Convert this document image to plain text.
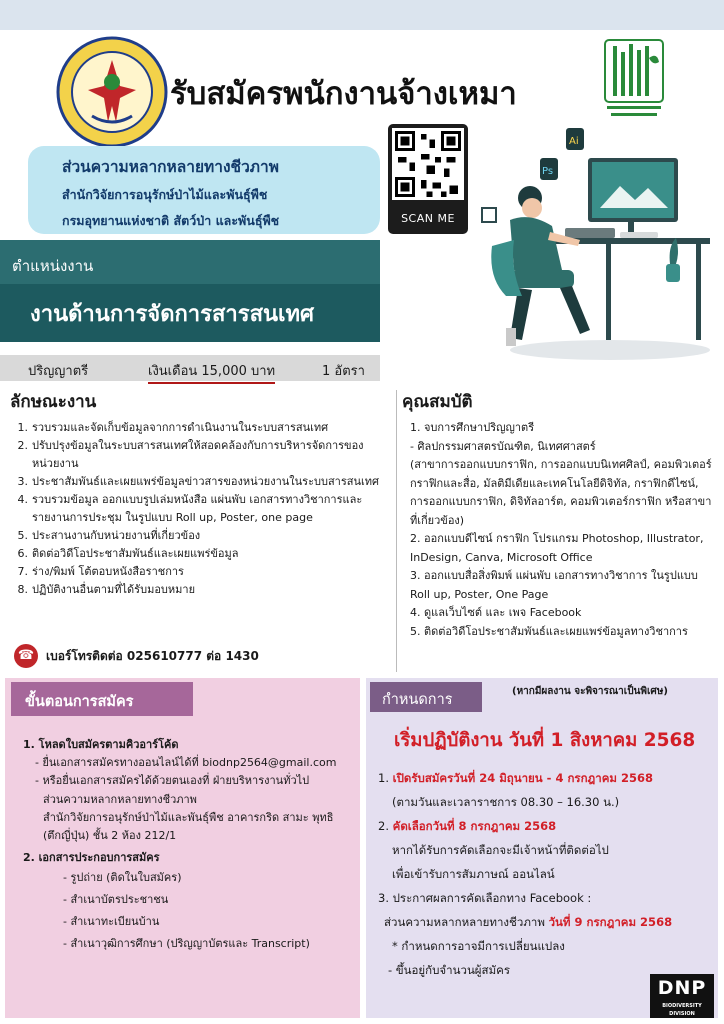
รับสมัครพนักงานจ้างเหมา
ส่วนความหลากหลายทางชีวภาพ
สำนักวิจัยการอนุรักษ์ป่าไม้และพันธุ์พืช
กรมอุทยานแห่งชาติ สัตว์ป่า และพันธุ์พืช	SCAN ME
Ai
Ps
ตำแหน่งงาน
งานด้านการจัดการสารสนเทศ
ปริญญาตรี	เงินเดือน 15,000 บาท	1 อัตรา
ลักษณะงาน
1. รวบรวมและจัดเก็บข้อมูลจากการดำเนินงานในระบบสารสนเทศ
2. ปรับปรุงข้อมูลในระบบสารสนเทศให้สอดคล้องกับการบริหารจัดการของหน่วยงาน
3. ประชาสัมพันธ์และเผยแพร่ข้อมูลข่าวสารของหน่วยงานในระบบสารสนเทศ
4. รวบรวมข้อมูล ออกแบบรูปเล่มหนังสือ แผ่นพับ เอกสารทางวิชาการและรายงานการประชุม ในรูปแบบ Roll up, Poster, one page
5. ประสานงานกับหน่วยงานที่เกี่ยวข้อง
6. ติดต่อวิดีโอประชาสัมพันธ์และเผยแพร่ข้อมูล
7. ร่าง/พิมพ์ โต้ตอบหนังสือราชการ
8. ปฏิบัติงานอื่นตามที่ได้รับมอบหมาย
คุณสมบัติ
1. จบการศึกษาปริญญาตรี
- ศิลปกรรมศาสตรบัณฑิต, นิเทศศาสตร์
(สาขาการออกแบบกราฟิก, การออกแบบนิเทศศิลป์, คอมพิวเตอร์กราฟิกและสื่อ, มัลติมีเดียและเทคโนโลยีดิจิทัล, กราฟิกดีไซน์, การออกแบบกราฟิก, ดิจิทัลอาร์ต, คอมพิวเตอร์กราฟิก หรือสาขาที่เกี่ยวข้อง)
2. ออกแบบดีไซน์ กราฟิก โปรแกรม Photoshop, Illustrator, InDesign, Canva, Microsoft Office
3. ออกแบบสื่อสิ่งพิมพ์ แผ่นพับ เอกสารทางวิชาการ ในรูปแบบ Roll up, Poster, One Page
4. ดูแลเว็บไซต์ และ เพจ Facebook
5. ติดต่อวิดีโอประชาสัมพันธ์และเผยแพร่ข้อมูลทางวิชาการ
☎ เบอร์โทรติดต่อ 025610777 ต่อ 1430
ขั้นตอนการสมัคร
1. โหลดใบสมัครตามคิวอาร์โค้ด
- ยื่นเอกสารสมัครทางออนไลน์ได้ที่ biodnp2564@gmail.com
- หรือยื่นเอกสารสมัครได้ด้วยตนเองที่ ฝ่ายบริหารงานทั่วไป
ส่วนความหลากหลายทางชีวภาพ
สำนักวิจัยการอนุรักษ์ป่าไม้และพันธุ์พืช อาคารกริด สามะ พุทธิ (ตึกญี่ปุ่น) ชั้น 2 ห้อง 212/1
2. เอกสารประกอบการสมัคร
- รูปถ่าย (ติดในใบสมัคร)
- สำเนาบัตรประชาชน
- สำเนาทะเบียนบ้าน
- สำเนาวุฒิการศึกษา (ปริญญาบัตรและ Transcript)
กำหนดการ
(หากมีผลงาน จะพิจารณาเป็นพิเศษ)
เริ่มปฏิบัติงาน วันที่ 1 สิงหาคม 2568
1. เปิดรับสมัครวันที่ 24 มิถุนายน - 4 กรกฎาคม 2568
(ตามวันและเวลาราชการ 08.30 – 16.30 น.)
2. คัดเลือกวันที่ 8 กรกฎาคม 2568
หากได้รับการคัดเลือกจะมีเจ้าหน้าที่ติดต่อไป
เพื่อเข้ารับการสัมภาษณ์ ออนไลน์
3. ประกาศผลการคัดเลือกทาง Facebook :
ส่วนความหลากหลายทางชีวภาพ วันที่ 9 กรกฎาคม 2568
* กำหนดการอาจมีการเปลี่ยนแปลง
- ขึ้นอยู่กับจำนวนผู้สมัคร
DNP
BIODIVERSITY DIVISION
